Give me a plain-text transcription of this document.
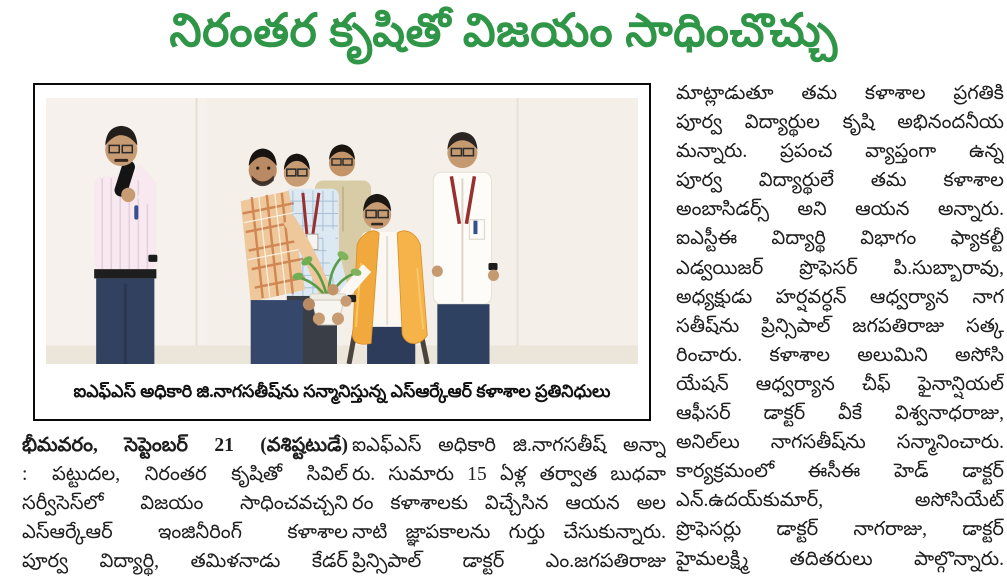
నిరంతర కృషితో విజయం సాధించొచ్చు
ఐఎఫ్ఎస్ అధికారి జి.నాగసతీష్‌ను సన్మానిస్తున్న ఎస్ఆర్కేఆర్ కళాశాల ప్రతినిధులు
మాట్లాడుతూ తమ కళాశాల ప్రగతికి
పూర్వ విద్యార్థుల కృషి అభినందనీయ
మన్నారు. ప్రపంచ వ్యాప్తంగా ఉన్న
పూర్వ విద్యార్థులే తమ కళాశాల
అంబాసిడర్స్ అని ఆయన అన్నారు.
ఐఎస్టీఈ విద్యార్థి విభాగం ఫ్యాకల్టీ
ఎడ్వయిజర్ ప్రొఫెసర్ పి.సుబ్బారావు,
అధ్యక్షుడు హర్షవర్ధన్ ఆధ్వర్యాన నాగ
సతీష్‌ను ప్రిన్సిపాల్ జగపతిరాజు సత్క
రించారు. కళాశాల అలుమిని అసోసి
యేషన్ ఆధ్వర్యాన చీఫ్ ఫైనాన్షియల్
ఆఫీసర్ డాక్టర్ వీకే విశ్వనాధరాజు,
అనిల్‌లు నాగసతీష్‌ను సన్మానించారు.
కార్యక్రమంలో ఈసీఈ హెడ్ డాక్టర్
ఎన్.ఉదయ్‌కుమార్, అసోసియేట్
ప్రొఫెసర్లు డాక్టర్ నాగరాజు, డాక్టర్
హైమలక్ష్మి తదితరులు పాల్గొన్నారు.
భీమవరం, సెప్టెంబర్ 21 (వశిష్టటుడే)
: పట్టుదల, నిరంతర కృషితో సివిల్
సర్వీసెస్‌లో విజయం సాధించవచ్చని
ఎస్ఆర్కేఆర్ ఇంజినీరింగ్ కళాశాల
పూర్వ విద్యార్థి, తమిళనాడు కేడర్
ఐఎఫ్ఎస్ అధికారి జి.నాగసతీష్ అన్నా
రు. సుమారు 15 ఏళ్ల తర్వాత బుధవా
రం కళాశాలకు విచ్చేసిన ఆయన అల
నాటి జ్ఞాపకాలను గుర్తు చేసుకున్నారు.
ప్రిన్సిపాల్ డాక్టర్ ఎం.జగపతిరాజు
